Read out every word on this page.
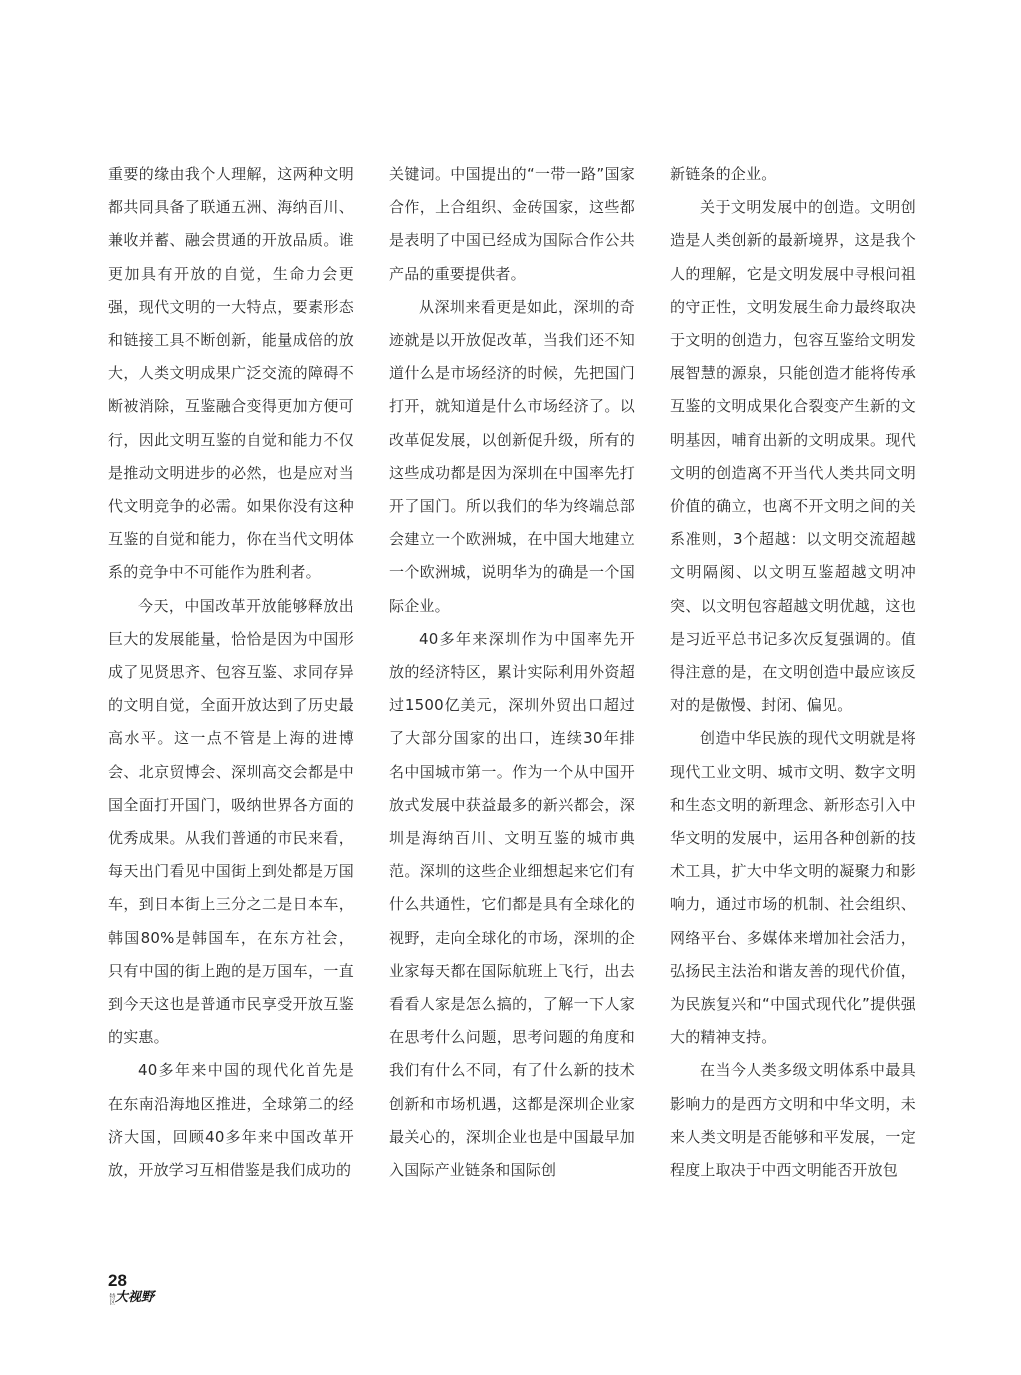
重要的缘由我个人理解，这两种文明都共同具备了联通五洲、海纳百川、兼收并蓄、融会贯通的开放品质。谁更加具有开放的自觉，生命力会更强，现代文明的一大特点，要素形态和链接工具不断创新，能量成倍的放大，人类文明成果广泛交流的障碍不断被消除，互鉴融合变得更加方便可行，因此文明互鉴的自觉和能力不仅是推动文明进步的必然，也是应对当代文明竞争的必需。如果你没有这种互鉴的自觉和能力，你在当代文明体系的竞争中不可能作为胜利者。

今天，中国改革开放能够释放出巨大的发展能量，恰恰是因为中国形成了见贤思齐、包容互鉴、求同存异的文明自觉，全面开放达到了历史最高水平。这一点不管是上海的进博会、北京贸博会、深圳高交会都是中国全面打开国门，吸纳世界各方面的优秀成果。从我们普通的市民来看，每天出门看见中国街上到处都是万国车，到日本街上三分之二是日本车，韩国80%是韩国车，在东方社会，只有中国的街上跑的是万国车，一直到今天这也是普通市民享受开放互鉴的实惠。

40多年来中国的现代化首先是在东南沿海地区推进，全球第二的经济大国，回顾40多年来中国改革开放，开放学习互相借鉴是我们成功的

关键词。中国提出的“一带一路”国家合作，上合组织、金砖国家，这些都是表明了中国已经成为国际合作公共产品的重要提供者。

从深圳来看更是如此，深圳的奇迹就是以开放促改革，当我们还不知道什么是市场经济的时候，先把国门打开，就知道是什么市场经济了。以改革促发展，以创新促升级，所有的这些成功都是因为深圳在中国率先打开了国门。所以我们的华为终端总部会建立一个欧洲城，在中国大地建立一个欧洲城，说明华为的确是一个国际企业。

40多年来深圳作为中国率先开放的经济特区，累计实际利用外资超过1500亿美元，深圳外贸出口超过了大部分国家的出口，连续30年排名中国城市第一。作为一个从中国开放式发展中获益最多的新兴都会，深圳是海纳百川、文明互鉴的城市典范。深圳的这些企业细想起来它们有什么共通性，它们都是具有全球化的视野，走向全球化的市场，深圳的企业家每天都在国际航班上飞行，出去看看人家是怎么搞的，了解一下人家在思考什么问题，思考问题的角度和我们有什么不同，有了什么新的技术创新和市场机遇，这都是深圳企业家最关心的，深圳企业也是中国最早加入国际产业链条和国际创

新链条的企业。

关于文明发展中的创造。文明创造是人类创新的最新境界，这是我个人的理解，它是文明发展中寻根问祖的守正性，文明发展生命力最终取决于文明的创造力，包容互鉴给文明发展智慧的源泉，只能创造才能将传承互鉴的文明成果化合裂变产生新的文明基因，哺育出新的文明成果。现代文明的创造离不开当代人类共同文明价值的确立，也离不开文明之间的关系准则，3个超越：以文明交流超越文明隔阂、以文明互鉴超越文明冲突、以文明包容超越文明优越，这也是习近平总书记多次反复强调的。值得注意的是，在文明创造中最应该反对的是傲慢、封闭、偏见。

创造中华民族的现代文明就是将现代工业文明、城市文明、数字文明和生态文明的新理念、新形态引入中华文明的发展中，运用各种创新的技术工具，扩大中华文明的凝聚力和影响力，通过市场的机制、社会组织、网络平台、多媒体来增加社会活力，弘扬民主法治和谐友善的现代价值，为民族复兴和“中国式现代化”提供强大的精神支持。

在当今人类多级文明体系中最具影响力的是西方文明和中华文明，未来人类文明是否能够和平发展，一定程度上取决于中西文明能否开放包

28
特区 大视野
